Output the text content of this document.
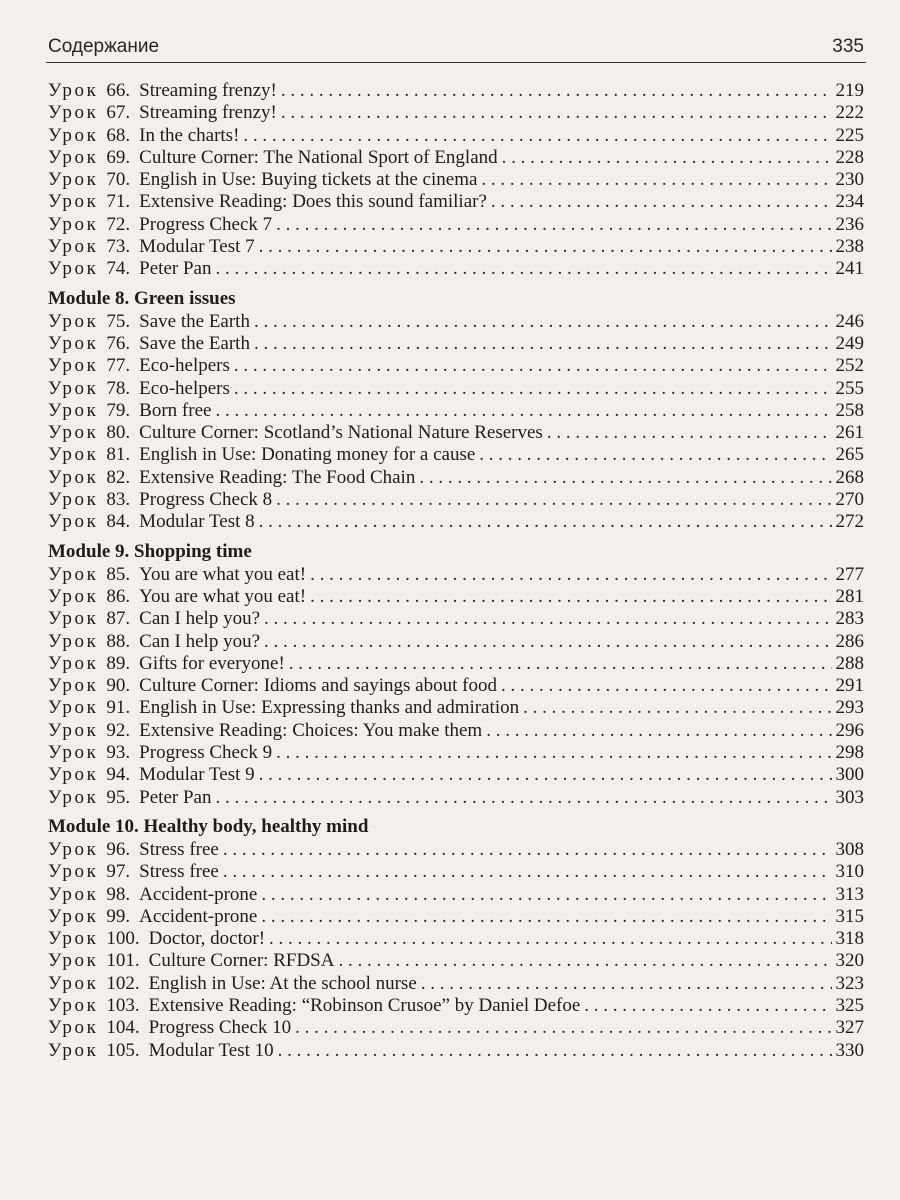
Содержание	335
Урок 66. Streaming frenzy! . . .	219
Урок 67. Streaming frenzy! . . .	222
Урок 68. In the charts! . . .	225
Урок 69. Culture Corner: The National Sport of England . . .	228
Урок 70. English in Use: Buying tickets at the cinema . . .	230
Урок 71. Extensive Reading: Does this sound familiar? . . .	234
Урок 72. Progress Check 7 . . .	236
Урок 73. Modular Test 7 . . .	238
Урок 74. Peter Pan . . .	241
Module 8. Green issues
Урок 75. Save the Earth . . .	246
Урок 76. Save the Earth . . .	249
Урок 77. Eco-helpers . . .	252
Урок 78. Eco-helpers . . .	255
Урок 79. Born free . . .	258
Урок 80. Culture Corner: Scotland’s National Nature Reserves . . .	261
Урок 81. English in Use: Donating money for a cause . . .	265
Урок 82. Extensive Reading: The Food Chain . . .	268
Урок 83. Progress Check 8 . . .	270
Урок 84. Modular Test 8 . . .	272
Module 9. Shopping time
Урок 85. You are what you eat! . . .	277
Урок 86. You are what you eat! . . .	281
Урок 87. Can I help you? . . .	283
Урок 88. Can I help you? . . .	286
Урок 89. Gifts for everyone! . . .	288
Урок 90. Culture Corner: Idioms and sayings about food . . .	291
Урок 91. English in Use: Expressing thanks and admiration . . .	293
Урок 92. Extensive Reading: Choices: You make them . . .	296
Урок 93. Progress Check 9 . . .	298
Урок 94. Modular Test 9 . . .	300
Урок 95. Peter Pan . . .	303
Module 10. Healthy body, healthy mind
Урок 96. Stress free . . .	308
Урок 97. Stress free . . .	310
Урок 98. Accident-prone . . .	313
Урок 99. Accident-prone . . .	315
Урок 100. Doctor, doctor! . . .	318
Урок 101. Culture Corner: RFDSA . . .	320
Урок 102. English in Use: At the school nurse . . .	323
Урок 103. Extensive Reading: “Robinson Crusoe” by Daniel Defoe . . .	325
Урок 104. Progress Check 10 . . .	327
Урок 105. Modular Test 10 . . .	330
